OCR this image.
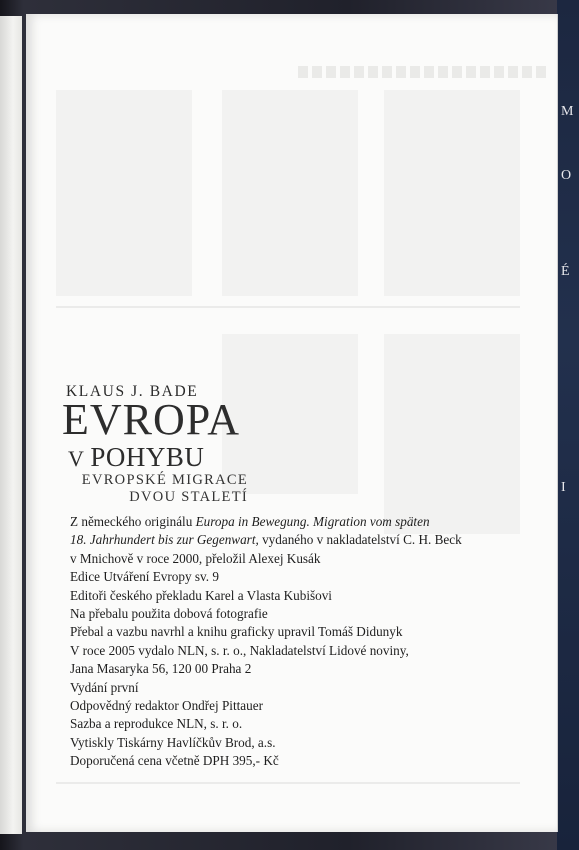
M
O
É
I
KLAUS J. BADE
EVROPA
V POHYBU
EVROPSKÉ MIGRACE
DVOU STALETÍ
Z německého originálu Europa in Bewegung. Migration vom späten
18. Jahrhundert bis zur Gegenwart, vydaného v nakladatelství C. H. Beck
v Mnichově v roce 2000, přeložil Alexej Kusák
Edice Utváření Evropy sv. 9
Editoři českého překladu Karel a Vlasta Kubišovi
Na přebalu použita dobová fotografie
Přebal a vazbu navrhl a knihu graficky upravil Tomáš Didunyk
V roce 2005 vydalo NLN, s. r. o., Nakladatelství Lidové noviny,
Jana Masaryka 56, 120 00 Praha 2
Vydání první
Odpovědný redaktor Ondřej Pittauer
Sazba a reprodukce NLN, s. r. o.
Vytiskly Tiskárny Havlíčkův Brod, a.s.
Doporučená cena včetně DPH 395,- Kč
